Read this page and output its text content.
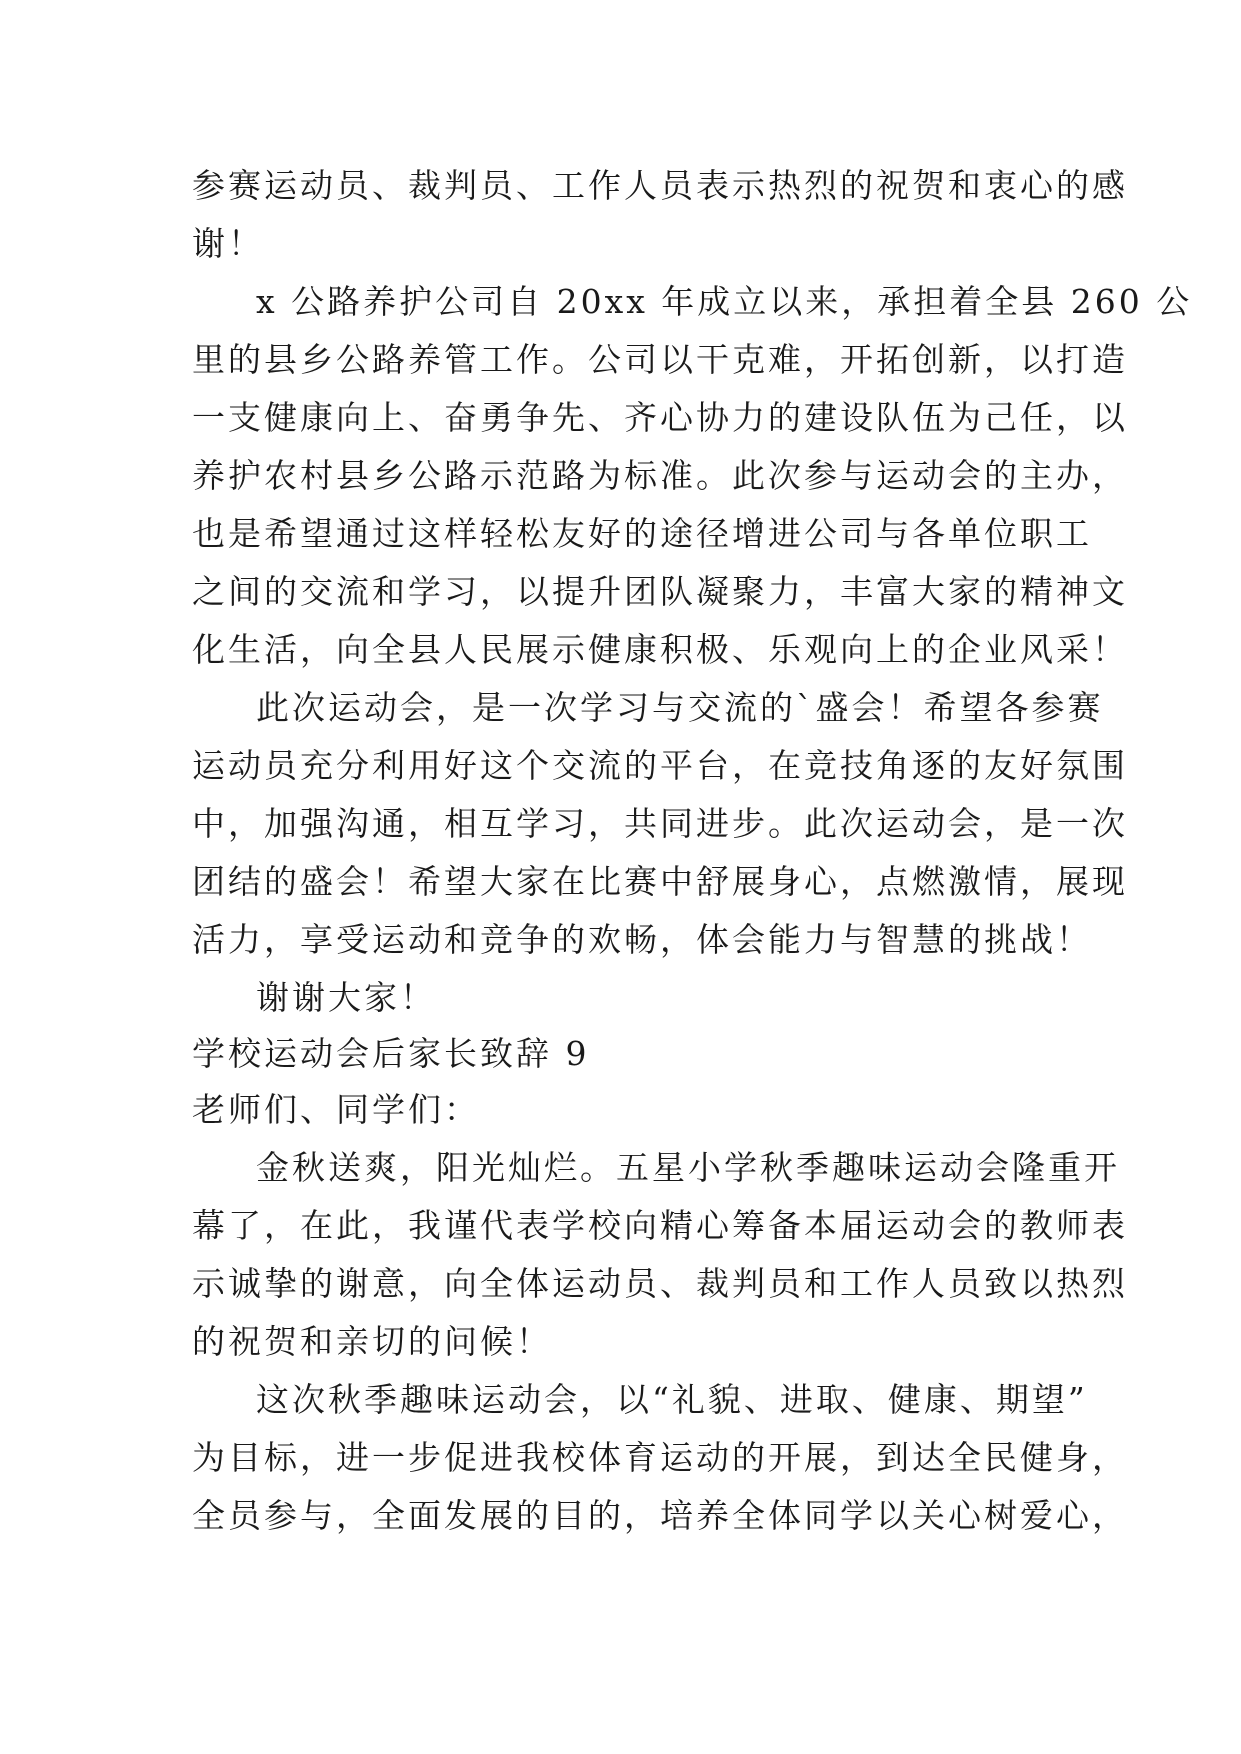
参赛运动员、裁判员、工作人员表示热烈的祝贺和衷心的感
谢！
x 公路养护公司自 20xx 年成立以来，承担着全县 260 公
里的县乡公路养管工作。公司以干克难，开拓创新，以打造
一支健康向上、奋勇争先、齐心协力的建设队伍为己任，以
养护农村县乡公路示范路为标准。此次参与运动会的主办，
也是希望通过这样轻松友好的途径增进公司与各单位职工
之间的交流和学习，以提升团队凝聚力，丰富大家的精神文
化生活，向全县人民展示健康积极、乐观向上的企业风采！
此次运动会，是一次学习与交流的`盛会！希望各参赛
运动员充分利用好这个交流的平台，在竞技角逐的友好氛围
中，加强沟通，相互学习，共同进步。此次运动会，是一次
团结的盛会！希望大家在比赛中舒展身心，点燃激情，展现
活力，享受运动和竞争的欢畅，体会能力与智慧的挑战！
谢谢大家！
学校运动会后家长致辞 9
老师们、同学们：
金秋送爽，阳光灿烂。五星小学秋季趣味运动会隆重开
幕了，在此，我谨代表学校向精心筹备本届运动会的教师表
示诚挚的谢意，向全体运动员、裁判员和工作人员致以热烈
的祝贺和亲切的问候！
这次秋季趣味运动会，以“礼貌、进取、健康、期望”
为目标，进一步促进我校体育运动的开展，到达全民健身，
全员参与，全面发展的目的，培养全体同学以关心树爱心，
